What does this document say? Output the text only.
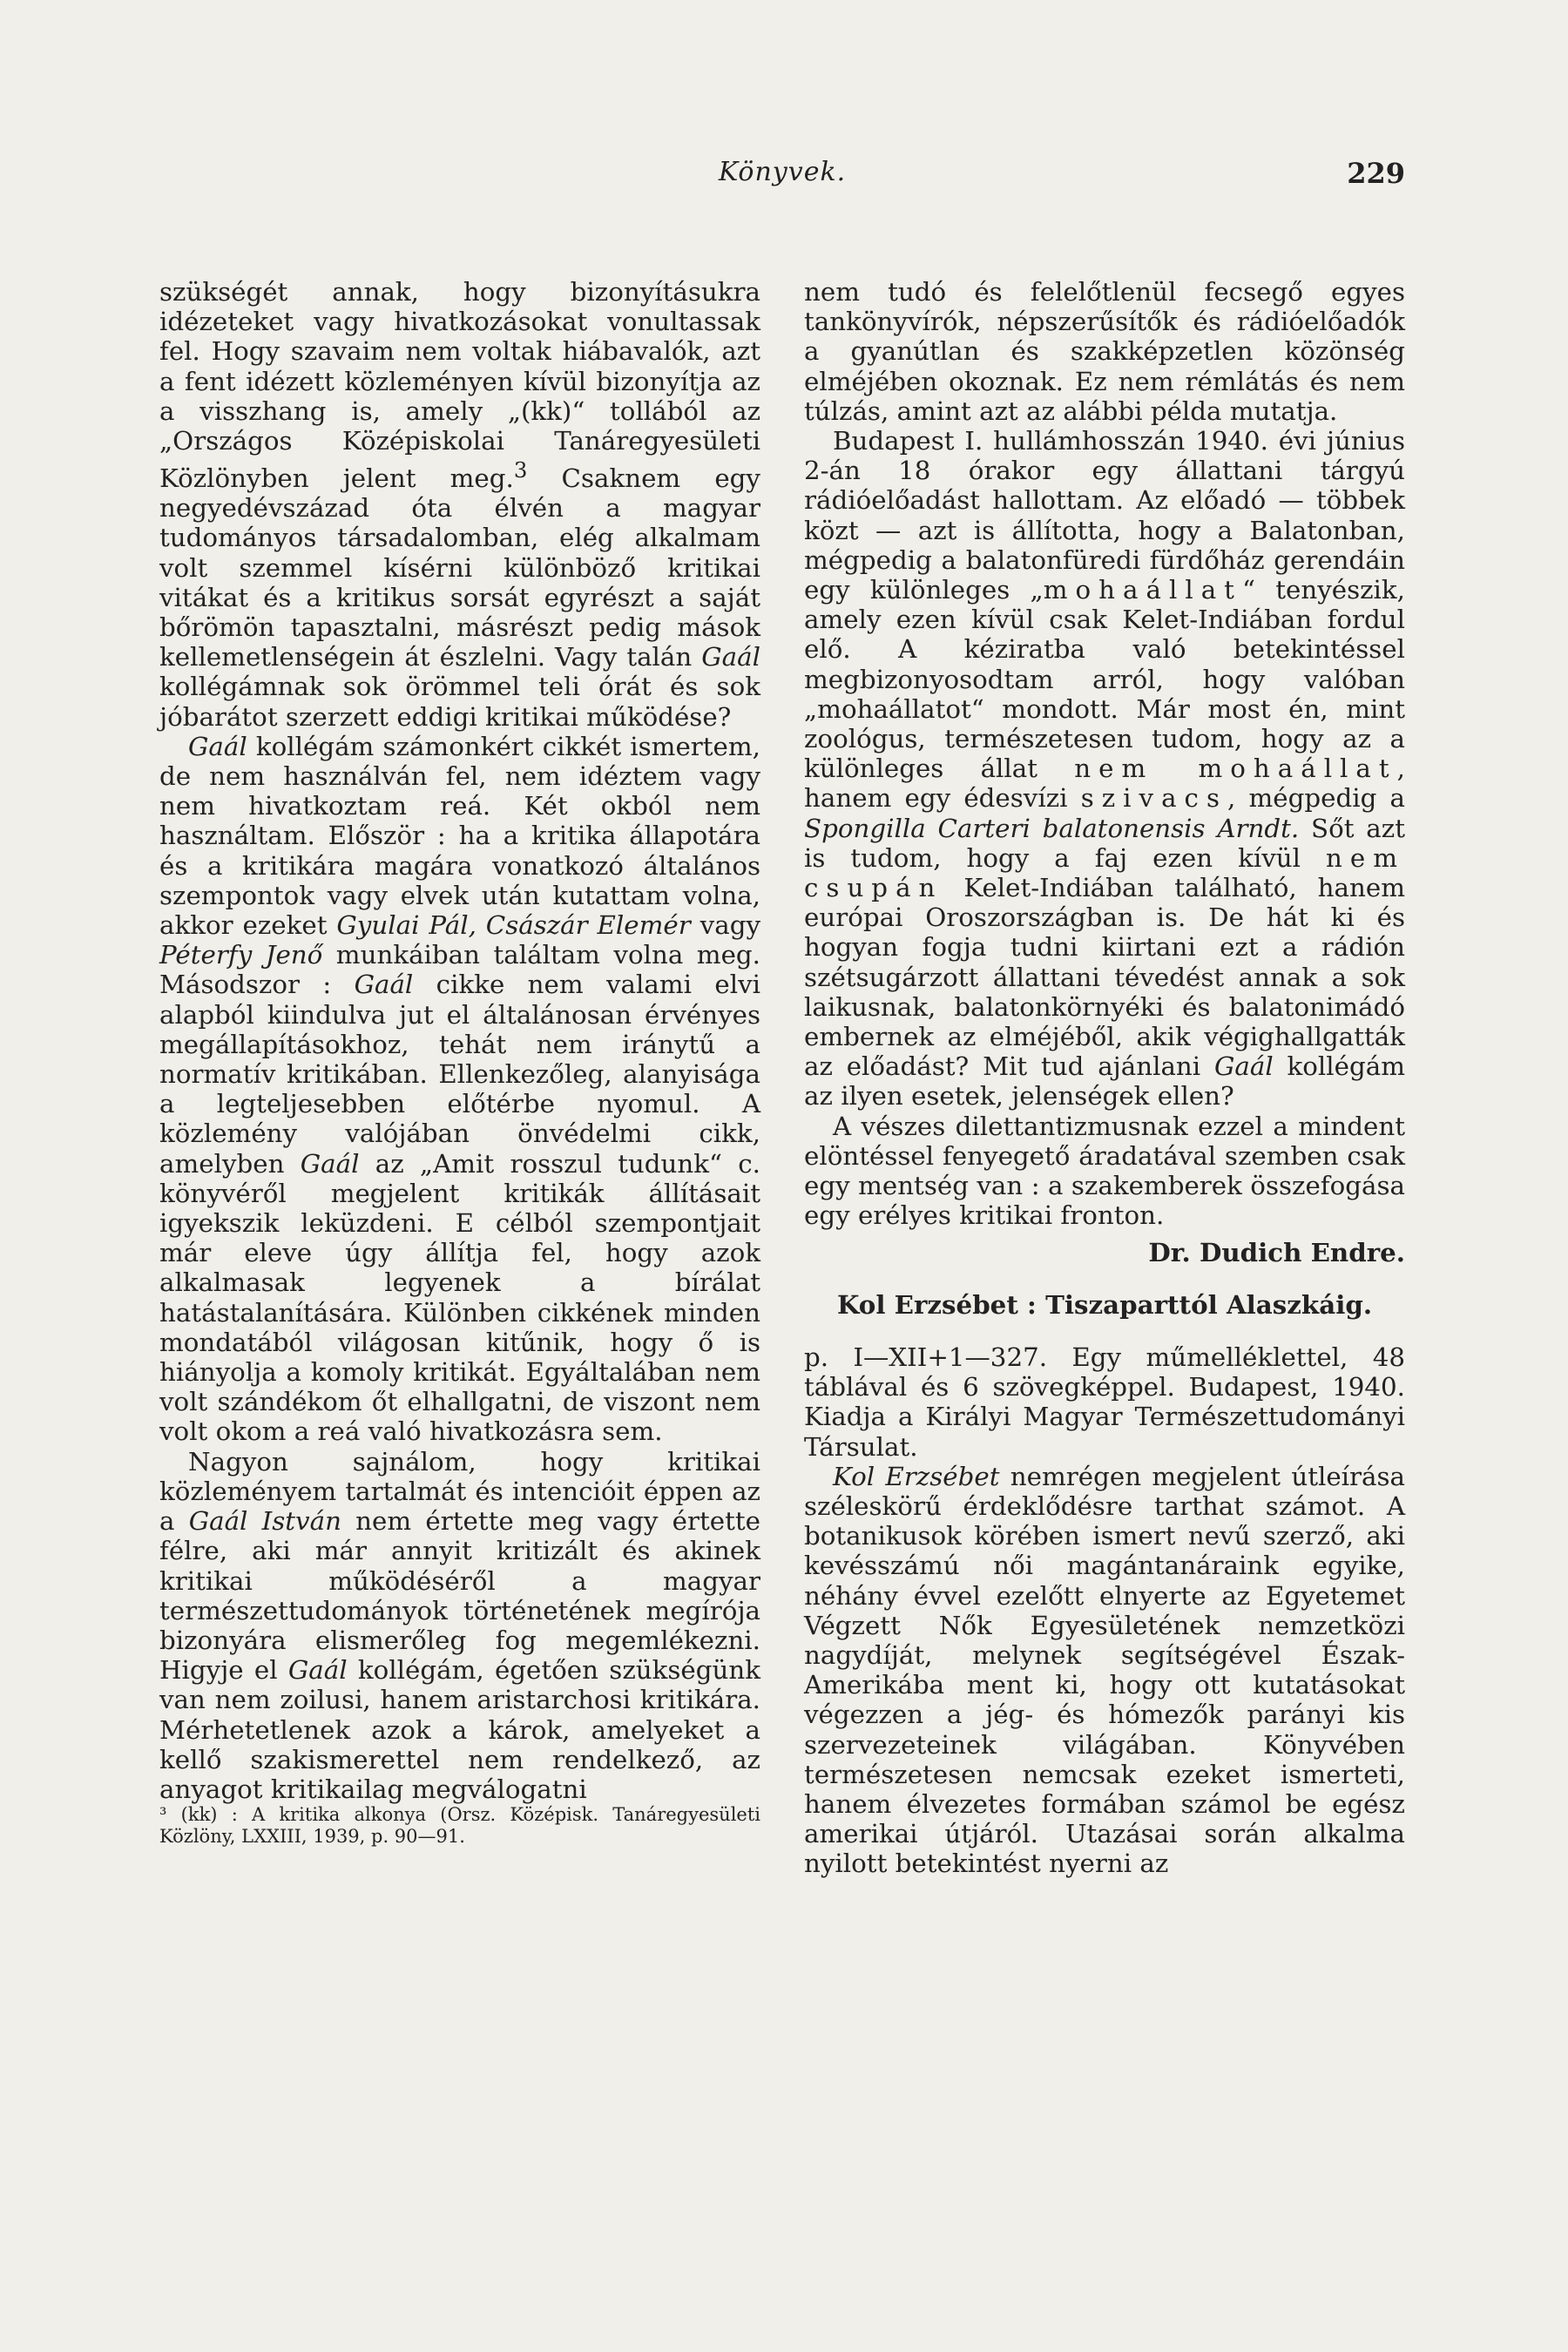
Könyvek.	229

szükségét annak, hogy bizonyításukra idézeteket vagy hivatkozásokat vonultassak fel. Hogy szavaim nem voltak hiábavalók, azt a fent idézett közleményen kívül bizonyítja az a visszhang is, amely „(kk)“ tollából az „Országos Középiskolai Tanáregyesületi Közlönyben jelent meg.$^3$ Csaknem egy negyedévszázad óta élvén a magyar tudományos társadalomban, elég alkalmam volt szemmel kísérni különböző kritikai vitákat és a kritikus sorsát egyrészt a saját bőrömön tapasztalni, másrészt pedig mások kellemetlenségein át észlelni. Vagy talán Gaál kollégámnak sok örömmel teli órát és sok jóbarátot szerzett eddigi kritikai működése?

Gaál kollégám számonkért cikkét ismertem, de nem használván fel, nem idéztem vagy nem hivatkoztam reá. Két okból nem használtam. Először : ha a kritika állapotára és a kritikára magára vonatkozó általános szempontok vagy elvek után kutattam volna, akkor ezeket Gyulai Pál, Császár Elemér vagy Péterfy Jenő munkáiban találtam volna meg. Másodszor : Gaál cikke nem valami elvi alapból kiindulva jut el általánosan érvényes megállapításokhoz, tehát nem iránytű a normatív kritikában. Ellenkezőleg, alanyisága a legteljesebben előtérbe nyomul. A közlemény valójában önvédelmi cikk, amelyben Gaál az „Amit rosszul tudunk“ c. könyvéről megjelent kritikák állításait igyekszik leküzdeni. E célból szempontjait már eleve úgy állítja fel, hogy azok alkalmasak legyenek a bírálat hatástalanítására. Különben cikkének minden mondatából világosan kitűnik, hogy ő is hiányolja a komoly kritikát. Egyáltalában nem volt szándékom őt elhallgatni, de viszont nem volt okom a reá való hivatkozásra sem.

Nagyon sajnálom, hogy kritikai közleményem tartalmát és intencióit éppen az a Gaál István nem értette meg vagy értette félre, aki már annyit kritizált és akinek kritikai működéséről a magyar természettudományok történetének megírója bizonyára elismerőleg fog megemlékezni. Higyje el Gaál kollégám, égetően szükségünk van nem zoilusi, hanem aristarchosi kritikára. Mérhetetlenek azok a károk, amelyeket a kellő szakismerettel nem rendelkező, az anyagot kritikailag megválogatni

³ (kk) : A kritika alkonya (Orsz. Középisk. Tanáregyesületi Közlöny, LXXIII, 1939, p. 90—91.

nem tudó és felelőtlenül fecsegő egyes tankönyvírók, népszerűsítők és rádióelőadók a gyanútlan és szakképzetlen közönség elméjében okoznak. Ez nem rémlátás és nem túlzás, amint azt az alábbi példa mutatja.

Budapest I. hullámhosszán 1940. évi június 2-án 18 órakor egy állattani tárgyú rádióelőadást hallottam. Az előadó — többek közt — azt is állította, hogy a Balatonban, mégpedig a balatonfüredi fürdőház gerendáin egy különleges „mohaállat“ tenyészik, amely ezen kívül csak Kelet-Indiában fordul elő. A kéziratba való betekintéssel megbizonyosodtam arról, hogy valóban „mohaállatot“ mondott. Már most én, mint zoológus, természetesen tudom, hogy az a különleges állat nem mohaállat, hanem egy édesvízi szivacs, mégpedig a Spongilla Carteri balatonensis Arndt. Sőt azt is tudom, hogy a faj ezen kívül nem csupán Kelet-Indiában található, hanem európai Oroszországban is. De hát ki és hogyan fogja tudni kiirtani ezt a rádión szétsugárzott állattani tévedést annak a sok laikusnak, balatonkörnyéki és balatonimádó embernek az elméjéből, akik végighallgatták az előadást? Mit tud ajánlani Gaál kollégám az ilyen esetek, jelenségek ellen?

A vészes dilettantizmusnak ezzel a mindent elöntéssel fenyegető áradatával szemben csak egy mentség van : a szakemberek összefogása egy erélyes kritikai fronton.

Dr. Dudich Endre.

Kol Erzsébet : Tiszaparttól Alaszkáig.

p. I—XII+1—327. Egy műmelléklettel, 48 táblával és 6 szövegképpel. Budapest, 1940. Kiadja a Királyi Magyar Természettudományi Társulat.

Kol Erzsébet nemrégen megjelent útleírása széleskörű érdeklődésre tarthat számot. A botanikusok körében ismert nevű szerző, aki kevésszámú női magántanáraink egyike, néhány évvel ezelőtt elnyerte az Egyetemet Végzett Nők Egyesületének nemzetközi nagydíját, melynek segítségével Észak-Amerikába ment ki, hogy ott kutatásokat végezzen a jég- és hómezők parányi kis szervezeteinek világában. Könyvében természetesen nemcsak ezeket ismerteti, hanem élvezetes formában számol be egész amerikai útjáról. Utazásai során alkalma nyilott betekintést nyerni az
